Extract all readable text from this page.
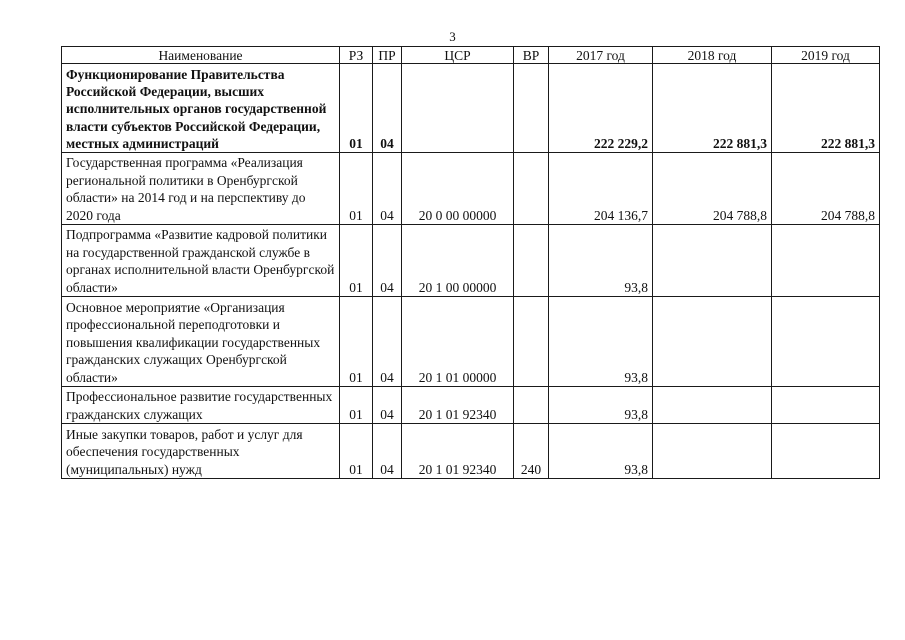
3
Наименование	РЗ	ПР	ЦСР	ВР	2017 год	2018 год	2019 год
Функционирование Правительства Российской Федерации, высших исполнительных органов государственной власти субъектов Российской Федерации, местных администраций	01	04			222 229,2	222 881,3	222 881,3
Государственная программа «Реализация региональной политики в Оренбургской области» на 2014 год и на перспективу до 2020 года	01	04	20 0 00 00000		204 136,7	204 788,8	204 788,8
Подпрограмма «Развитие кадровой политики на государственной гражданской службе в органах исполнительной власти Оренбургской области»	01	04	20 1 00 00000		93,8		
Основное мероприятие «Организация профессиональной переподготовки и повышения квалификации государственных гражданских служащих Оренбургской области»	01	04	20 1 01 00000		93,8		
Профессиональное развитие государственных гражданских служащих	01	04	20 1 01 92340		93,8		
Иные закупки товаров, работ и услуг для обеспечения государственных (муниципальных) нужд	01	04	20 1 01 92340	240	93,8		
